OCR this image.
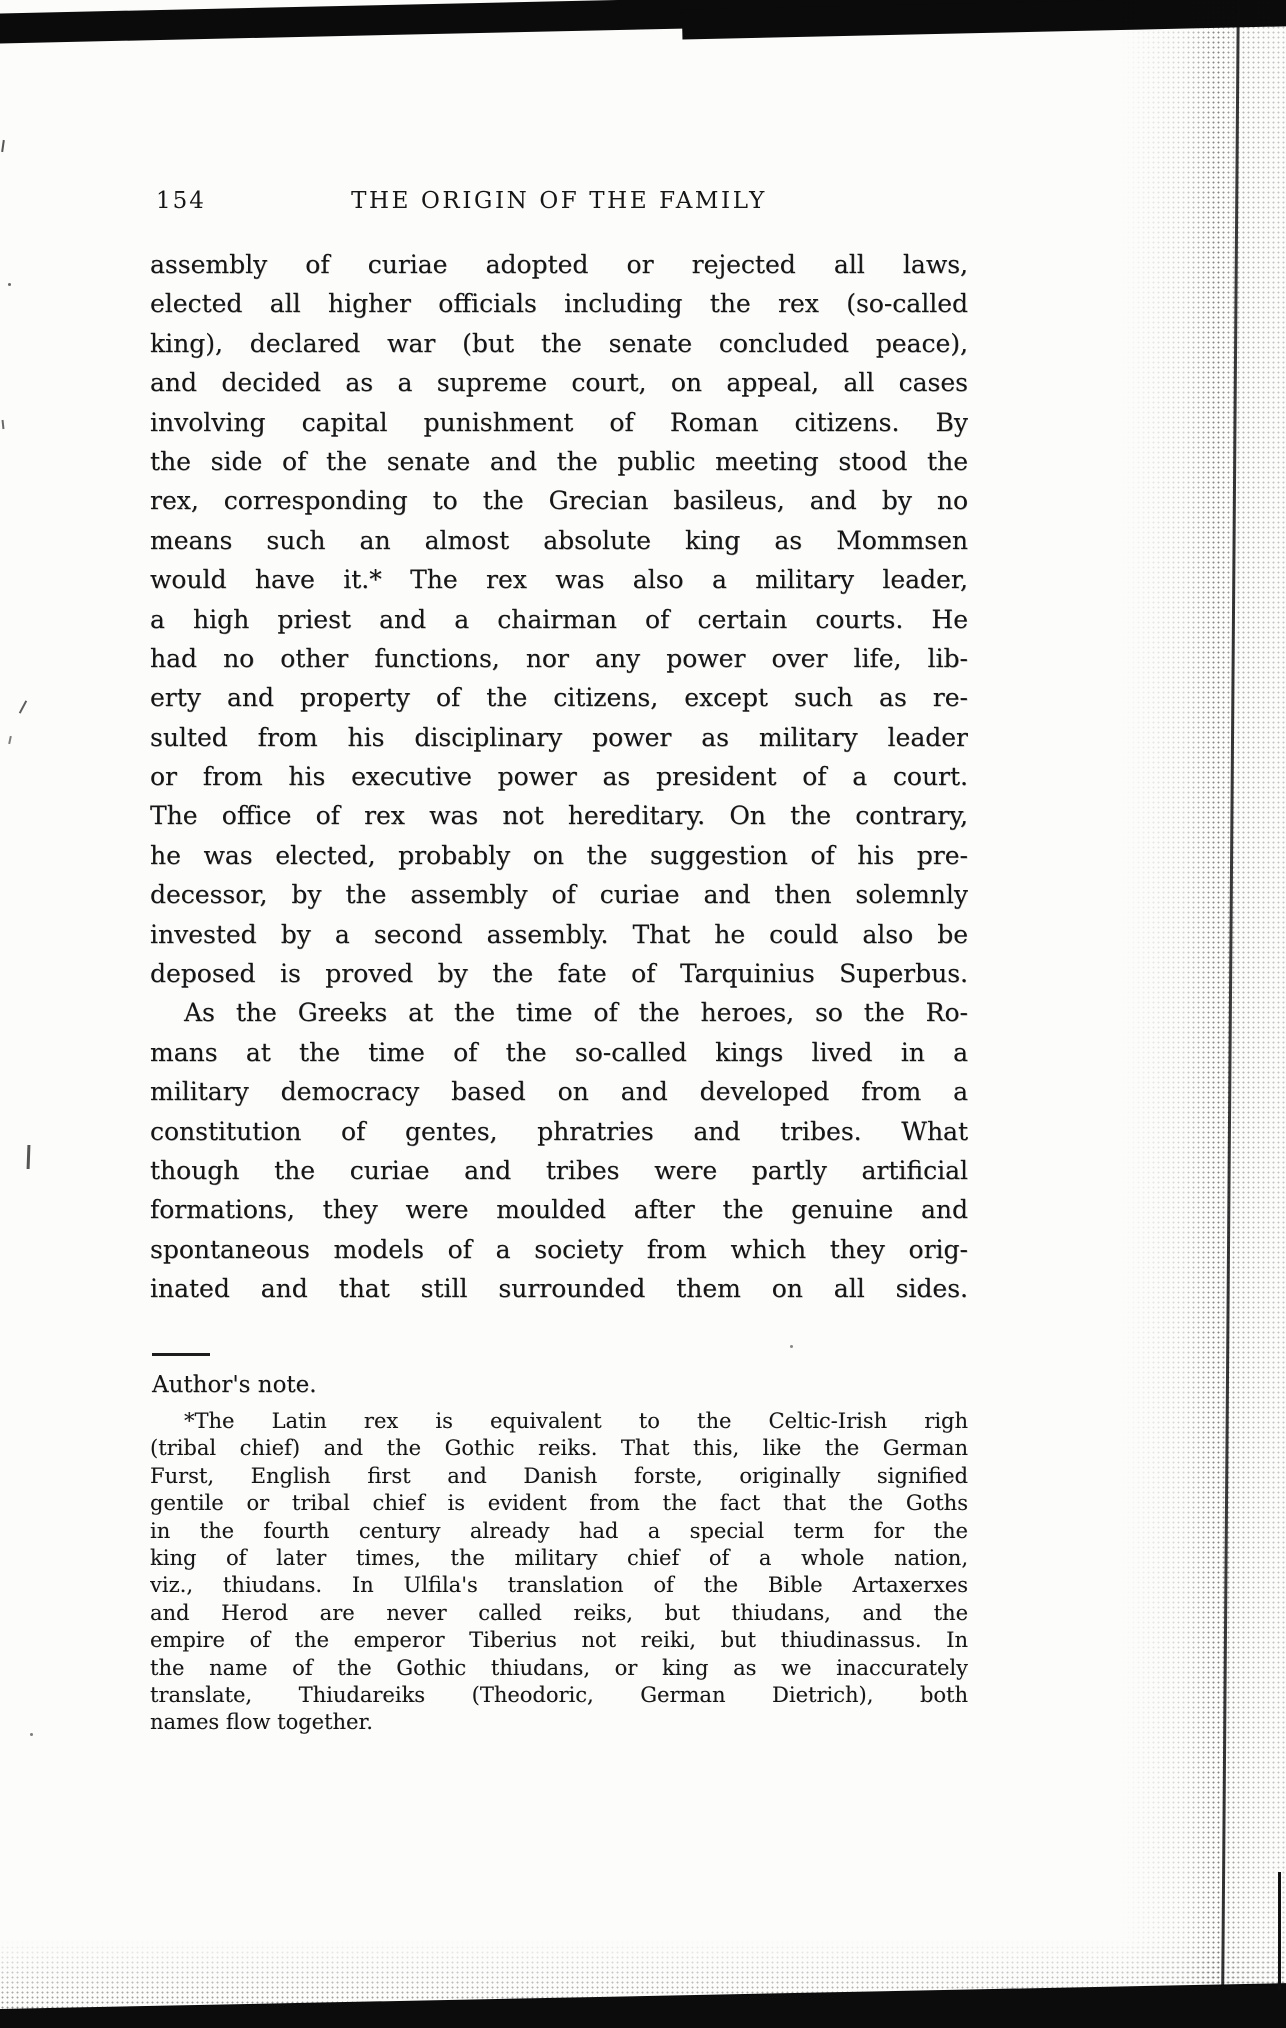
154	THE ORIGIN OF THE FAMILY
assembly of curiae adopted or rejected all laws,
elected all higher officials including the rex (so-called
king), declared war (but the senate concluded peace),
and decided as a supreme court, on appeal, all cases
involving capital punishment of Roman citizens. By
the side of the senate and the public meeting stood the
rex, corresponding to the Grecian basileus, and by no
means such an almost absolute king as Mommsen
would have it.* The rex was also a military leader,
a high priest and a chairman of certain courts. He
had no other functions, nor any power over life, lib-
erty and property of the citizens, except such as re-
sulted from his disciplinary power as military leader
or from his executive power as president of a court.
The office of rex was not hereditary. On the contrary,
he was elected, probably on the suggestion of his pre-
decessor, by the assembly of curiae and then solemnly
invested by a second assembly. That he could also be
deposed is proved by the fate of Tarquinius Superbus.
As the Greeks at the time of the heroes, so the Ro-
mans at the time of the so-called kings lived in a
military democracy based on and developed from a
constitution of gentes, phratries and tribes. What
though the curiae and tribes were partly artificial
formations, they were moulded after the genuine and
spontaneous models of a society from which they orig-
inated and that still surrounded them on all sides.
Author's note.
*The Latin rex is equivalent to the Celtic-Irish righ
(tribal chief) and the Gothic reiks. That this, like the German
Furst, English first and Danish forste, originally signified
gentile or tribal chief is evident from the fact that the Goths
in the fourth century already had a special term for the
king of later times, the military chief of a whole nation,
viz., thiudans. In Ulfila's translation of the Bible Artaxerxes
and Herod are never called reiks, but thiudans, and the
empire of the emperor Tiberius not reiki, but thiudinassus. In
the name of the Gothic thiudans, or king as we inaccurately
translate, Thiudareiks (Theodoric, German Dietrich), both
names flow together.
